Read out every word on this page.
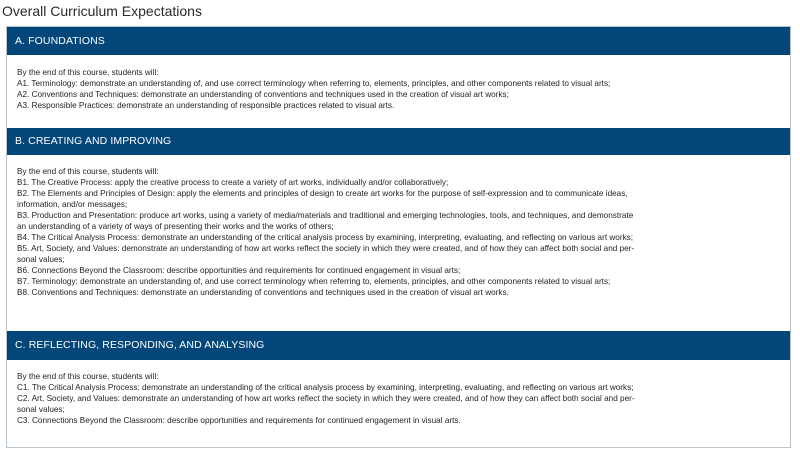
Overall Curriculum Expectations
A. FOUNDATIONS
By the end of this course, students will:
A1. Terminology: demonstrate an understanding of, and use correct terminology when referring to, elements, principles, and other components related to visual arts;
A2. Conventions and Techniques: demonstrate an understanding of conventions and techniques used in the creation of visual art works;
A3. Responsible Practices: demonstrate an understanding of responsible practices related to visual arts.
B. CREATING AND IMPROVING
By the end of this course, students will:
B1. The Creative Process: apply the creative process to create a variety of art works, individually and/or collaboratively;
B2. The Elements and Principles of Design: apply the elements and principles of design to create art works for the purpose of self-expression and to communicate ideas,
information, and/or messages;
B3. Production and Presentation: produce art works, using a variety of media/materials and traditional and emerging technologies, tools, and techniques, and demonstrate
an understanding of a variety of ways of presenting their works and the works of others;
B4. The Critical Analysis Process: demonstrate an understanding of the critical analysis process by examining, interpreting, evaluating, and reflecting on various art works;
B5. Art, Society, and Values: demonstrate an understanding of how art works reflect the society in which they were created, and of how they can affect both social and per-
sonal values;
B6. Connections Beyond the Classroom: describe opportunities and requirements for continued engagement in visual arts;
B7. Terminology: demonstrate an understanding of, and use correct terminology when referring to, elements, principles, and other components related to visual arts;
B8. Conventions and Techniques: demonstrate an understanding of conventions and techniques used in the creation of visual art works.
C. REFLECTING, RESPONDING, AND ANALYSING
By the end of this course, students will:
C1. The Critical Analysis Process: demonstrate an understanding of the critical analysis process by examining, interpreting, evaluating, and reflecting on various art works;
C2. Art, Society, and Values: demonstrate an understanding of how art works reflect the society in which they were created, and of how they can affect both social and per-
sonal values;
C3. Connections Beyond the Classroom: describe opportunities and requirements for continued engagement in visual arts.
